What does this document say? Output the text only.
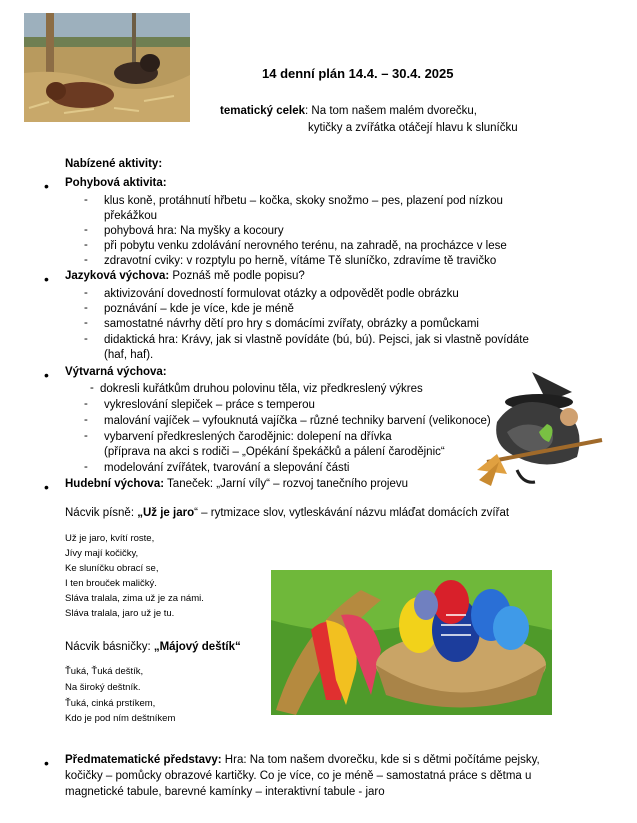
14 denní plán 14.4. – 30.4. 2025
tematický celek: Na tom našem malém dvorečku,
kytičky a zvířátka otáčejí hlavu k sluníčku
Nabízené aktivity:
• Pohybová aktivita:
- klus koně, protáhnutí hřbetu – kočka, skoky snožmo – pes, plazení pod nízkou
překážkou
- pohybová hra: Na myšky a kocoury
- při pobytu venku zdolávání nerovného terénu, na zahradě, na procházce v lese
- zdravotní cviky: v rozptylu po herně, vítáme Tě sluníčko, zdravíme tě travičko
• Jazyková výchova: Poznáš mě podle popisu?
- aktivizování dovedností formulovat otázky a odpovědět podle obrázku
- poznávání – kde je více, kde je méně
- samostatné návrhy dětí pro hry s domácími zvířaty, obrázky a pomůckami
- didaktická hra: Krávy, jak si vlastně povídáte (bú, bú). Pejsci, jak si vlastně povídáte
(haf, haf).
• Výtvarná výchova:
- dokresli kuřátkům druhou polovinu těla, viz předkreslený výkres
- vykreslování slepiček – práce s temperou
- malování vajíček – vyfouknutá vajíčka – různé techniky barvení (velikonoce)
- vybarvení předkreslených čarodějnic: dolepení na dřívka
(příprava na akci s rodiči – „Opékání špekáčků a pálení čarodějnic“
- modelování zvířátek, tvarování a slepování části
• Hudební výchova: Taneček: „Jarní víly“ – rozvoj tanečního projevu
Nácvik písně: „Už je jaro“ – rytmizace slov, vytleskávání názvu mláďat domácích zvířat
Už je jaro, kvítí roste,
Jívy mají kočičky,
Ke sluníčku obrací se,
I ten brouček maličký.
Sláva tralala, zima už je za námi.
Sláva tralala, jaro už je tu.
Nácvik básničky: „Májový deštík“
Ťuká, Ťuká deštík,
Na široký deštník.
Ťuká, cinká prstíkem,
Kdo je pod ním deštníkem
• Předmatematické představy: Hra: Na tom našem dvorečku, kde si s dětmi počítáme pejsky,
kočičky – pomůcky obrazové kartičky. Co je více, co je méně – samostatná práce s dětma u
magnetické tabule, barevné kamínky – interaktivní tabule - jaro
